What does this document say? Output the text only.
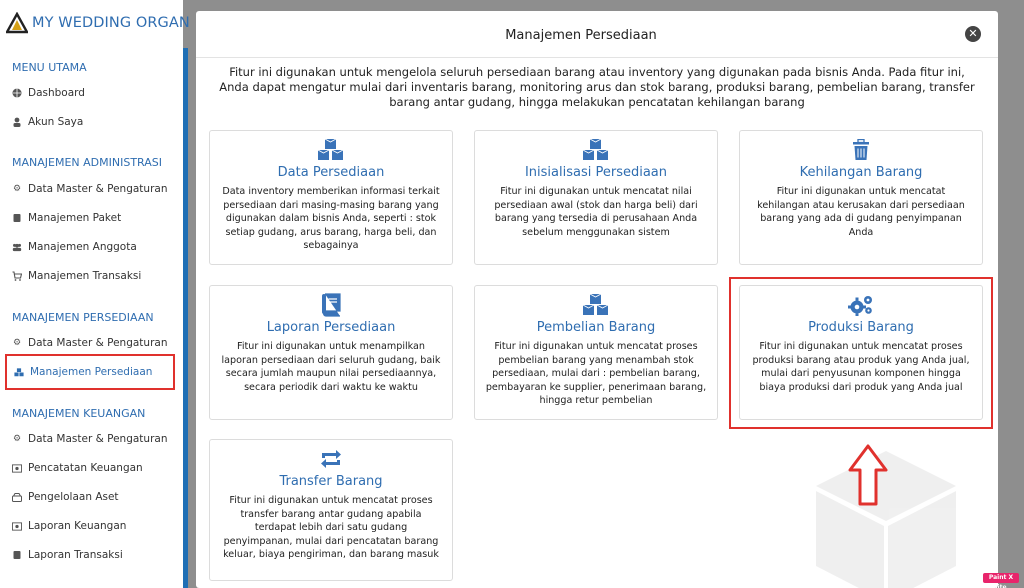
MY WEDDING ORGAN
MENU UTAMA
Dashboard
Akun Saya
MANAJEMEN ADMINISTRASI
⚙ Data Master & Pengaturan
Manajemen Paket
Manajemen Anggota
Manajemen Transaksi
MANAJEMEN PERSEDIAAN
⚙ Data Master & Pengaturan
Manajemen Persediaan
MANAJEMEN KEUANGAN
⚙ Data Master & Pengaturan
Pencatatan Keuangan
Pengelolaan Aset
Laporan Keuangan
Laporan Transaksi
Manajemen Persediaan	✕
Fitur ini digunakan untuk mengelola seluruh persediaan barang atau inventory yang digunakan pada bisnis Anda. Pada fitur ini, Anda dapat mengatur mulai dari inventaris barang, monitoring arus dan stok barang, produksi barang, pembelian barang, transfer barang antar gudang, hingga melakukan pencatatan kehilangan barang
Data Persediaan
Data inventory memberikan informasi terkait persediaan dari masing-masing barang yang digunakan dalam bisnis Anda, seperti : stok setiap gudang, arus barang, harga beli, dan sebagainya
Inisialisasi Persediaan
Fitur ini digunakan untuk mencatat nilai persediaan awal (stok dan harga beli) dari barang yang tersedia di perusahaan Anda sebelum menggunakan sistem
Kehilangan Barang
Fitur ini digunakan untuk mencatat kehilangan atau kerusakan dari persediaan barang yang ada di gudang penyimpanan Anda
Laporan Persediaan
Fitur ini digunakan untuk menampilkan laporan persediaan dari seluruh gudang, baik secara jumlah maupun nilai persediaannya, secara periodik dari waktu ke waktu
Pembelian Barang
Fitur ini digunakan untuk mencatat proses pembelian barang yang menambah stok persediaan, mulai dari : pembelian barang, pembayaran ke supplier, penerimaan barang, hingga retur pembelian
Produksi Barang
Fitur ini digunakan untuk mencatat proses produksi barang atau produk yang Anda jual, mulai dari penyusunan komponen hingga biaya produksi dari produk yang Anda jual
Transfer Barang
Fitur ini digunakan untuk mencatat proses transfer barang antar gudang apabila terdapat lebih dari satu gudang penyimpanan, mulai dari pencatatan barang keluar, biaya pengiriman, dan barang masuk
Paint X lite
